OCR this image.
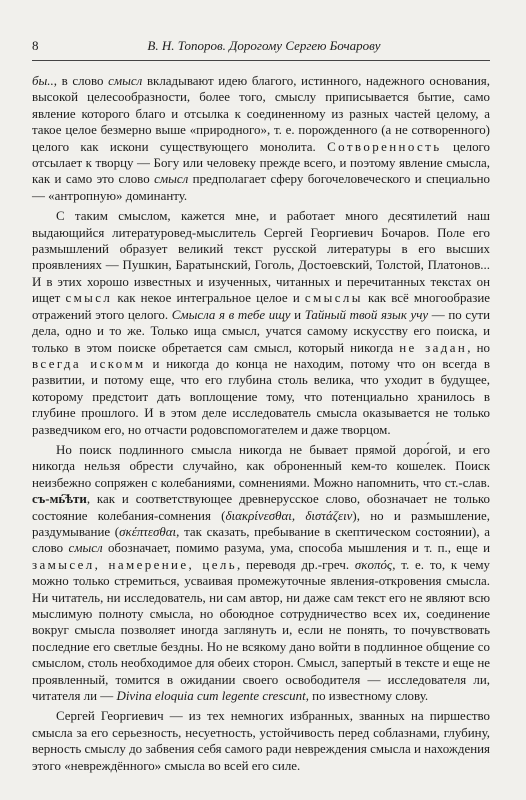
8	В. Н. Топоров. Дорогому Сергею Бочарову

бы.., в слово смысл вкладывают идею благого, истинного, надежного основания, высокой целесообразности, более того, смыслу приписывается бытие, само явление которого благо и отсылка к соединенному из разных частей целому, а такое целое безмерно выше «природного», т. е. порожденного (а не сотворенного) целого как искони существующего монолита. Сотворенность целого отсылает к творцу — Богу или человеку прежде всего, и поэтому явление смысла, как и само это слово смысл предполагает сферу богочеловеческого и специально — «антропную» доминанту.

С таким смыслом, кажется мне, и работает много десятилетий наш выдающийся литературовед-мыслитель Сергей Георгиевич Бочаров. Поле его размышлений образует великий текст русской литературы в его высших проявлениях — Пушкин, Баратынский, Гоголь, Достоевский, Толстой, Платонов... И в этих хорошо известных и изученных, читанных и перечитанных текстах он ищет смысл как некое интегральное целое и смыслы как всё многообразие отражений этого целого. Смысла я в тебе ищу и Тайный твой язык учу — по сути дела, одно и то же. Только ища смысл, учатся самому искусству его поиска, и только в этом поиске обретается сам смысл, который никогда не задан, но всегда искомм и никогда до конца не находим, потому что он всегда в развитии, и потому еще, что его глубина столь велика, что уходит в будущее, которому предстоит дать воплощение тому, что потенциально хранилось в глубине прошлого. И в этом деле исследователь смысла оказывается не только разведчиком его, но отчасти родовспомогателем и даже творцом.

Но поиск подлинного смысла никогда не бывает прямой доро́гой, и его никогда нельзя обрести случайно, как оброненный кем-то кошелек. Поиск неизбежно сопряжен с колебаниями, сомнениями. Можно напомнить, что ст.-слав. съ-мь҇ѣти, как и соответствующее древнерусское слово, обозначает не только состояние колебания-сомнения (διακρίνεσθαι, διστάζειν), но и размышление, раздумывание (σκέπτεσθαι, так сказать, пребывание в скептическом состоянии), а слово смысл обозначает, помимо разума, ума, способа мышления и т. п., еще и замысел, намерение, цель, переводя др.-греч. σκοπός, т. е. то, к чему можно только стремиться, усваивая промежуточные явления-откровения смысла. Ни читатель, ни исследователь, ни сам автор, ни даже сам текст его не являют всю мыслимую полноту смысла, но обоюдное сотрудничество всех их, соединение вокруг смысла позволяет иногда заглянуть и, если не понять, то почувствовать последние его светлые бездны. Но не всякому дано войти в подлинное общение со смыслом, столь необходимое для обеих сторон. Смысл, запертый в тексте и еще не проявленный, томится в ожидании своего освободителя — исследователя ли, читателя ли — Divina eloquia cum legente crescunt, по известному слову.

Сергей Георгиевич — из тех немногих избранных, званных на пиршество смысла за его серьезность, несуетность, устойчивость перед соблазнами, глубину, верность смыслу до забвения себя самого ради невреждения смысла и нахождения этого «невреждённого» смысла во всей его силе.
